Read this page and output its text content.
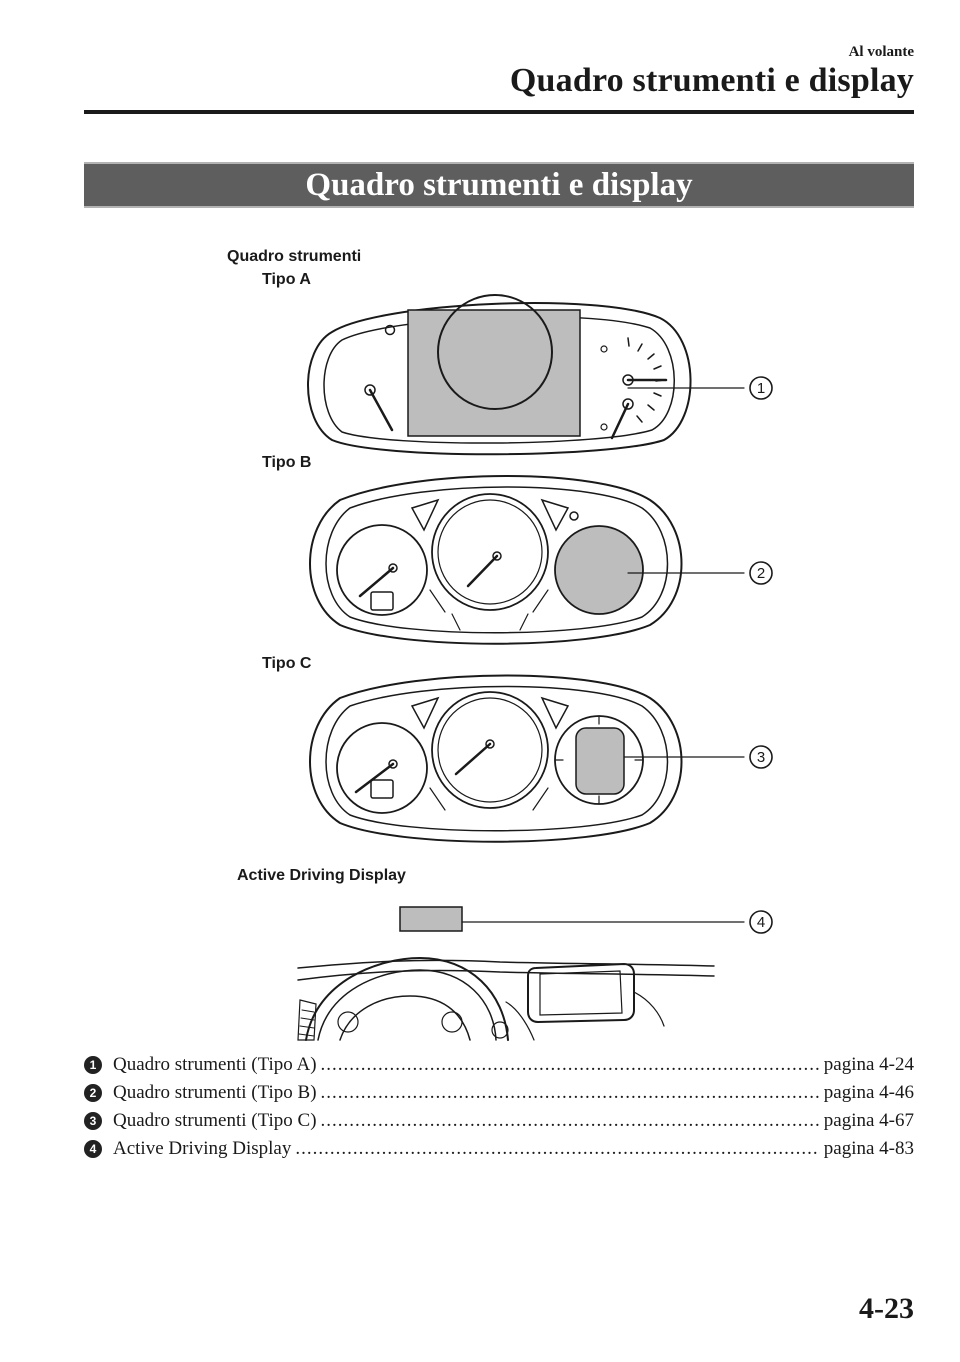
Al volante
Quadro strumenti e display
Quadro strumenti e display
Quadro strumenti
Tipo A
Tipo B
Tipo C
Active Driving Display
1
2
3
4
1 Quadro strumenti (Tipo A) .....	pagina 4-24
2 Quadro strumenti (Tipo B) .....	pagina 4-46
3 Quadro strumenti (Tipo C) .....	pagina 4-67
4 Active Driving Display .....	pagina 4-83
4-23
